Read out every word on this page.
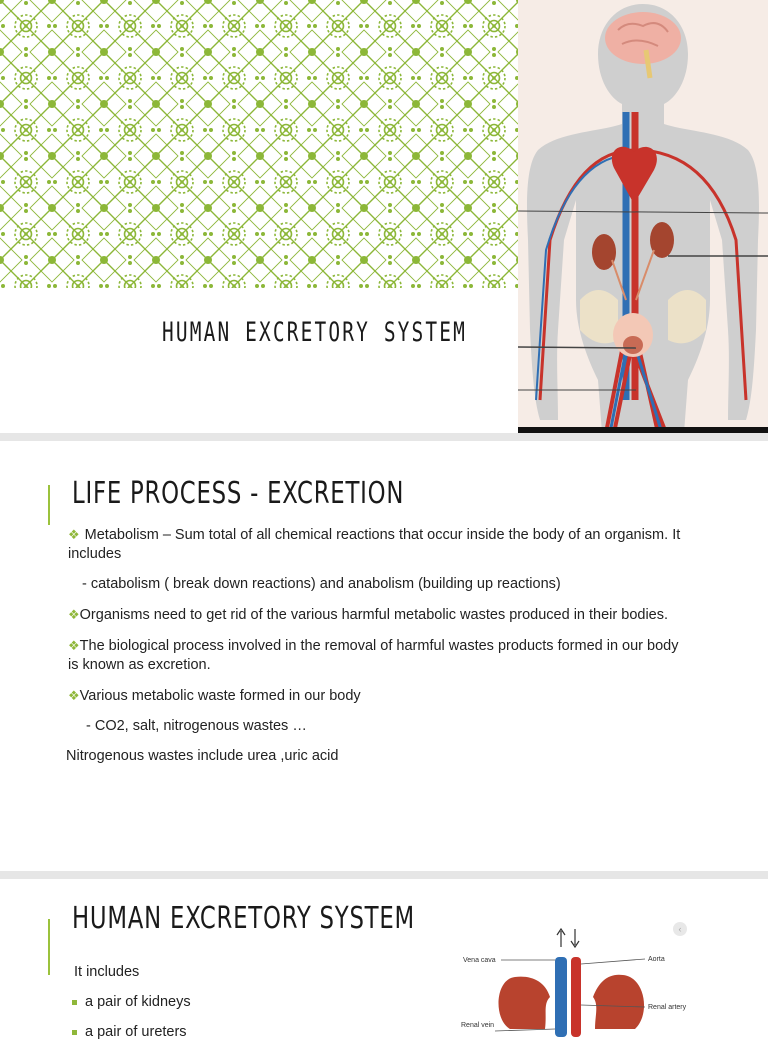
HUMAN EXCRETORY SYSTEM
LIFE PROCESS - EXCRETION

❖ Metabolism – Sum total of all chemical reactions that occur inside the body of an organism. It includes

- catabolism ( break down reactions) and anabolism (building up reactions)

❖Organisms need to get rid of the various harmful metabolic wastes produced in their bodies.

❖The biological process involved in the removal of harmful wastes products formed in our body is known as excretion.

❖Various metabolic waste formed in our body

- CO2, salt, nitrogenous wastes …

Nitrogenous wastes include urea ,uric acid

HUMAN EXCRETORY SYSTEM
It includes
a pair of kidneys
a pair of ureters
‹
Vena cava	Aorta
Renal artery
Renal vein
